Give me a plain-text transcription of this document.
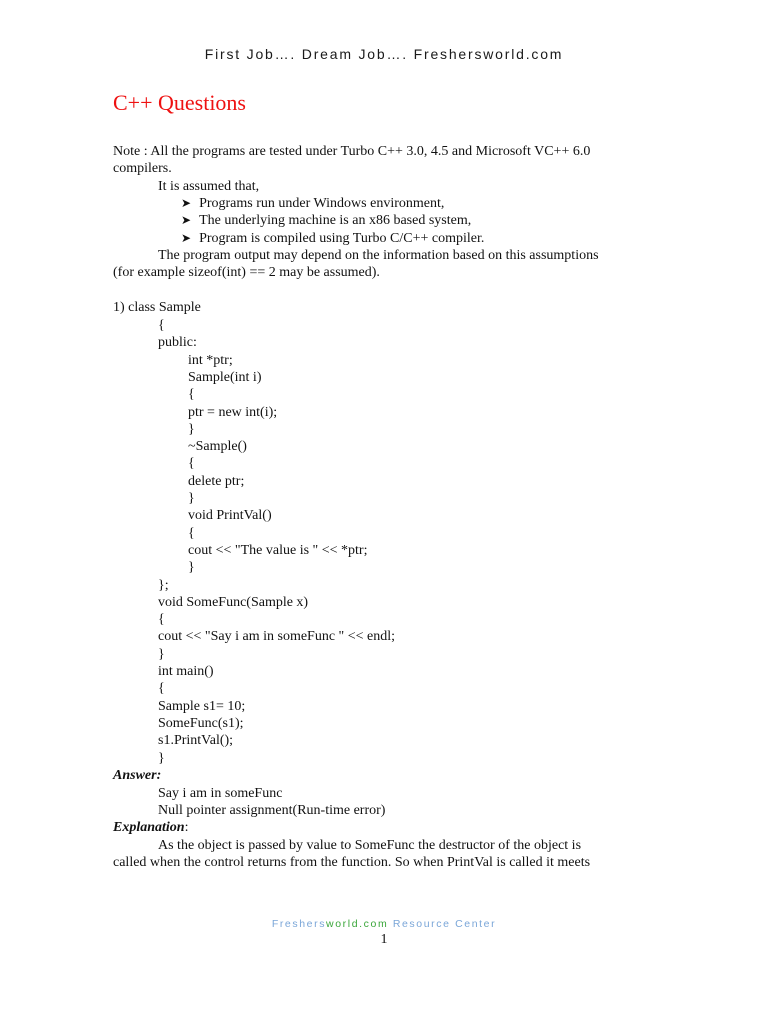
First Job…. Dream Job…. Freshersworld.com
C++ Questions
Note : All the programs are tested under Turbo C++ 3.0, 4.5 and Microsoft VC++ 6.0
compilers.
It is assumed that,
➤ Programs run under Windows environment,
➤ The underlying machine is an x86 based system,
➤ Program is compiled using Turbo C/C++ compiler.
The program output may depend on the information based on this assumptions
(for example sizeof(int) == 2 may be assumed).
1) class Sample
{
public:
int *ptr;
Sample(int i)
{
ptr = new int(i);
}
~Sample()
{
delete ptr;
}
void PrintVal()
{
cout << "The value is " << *ptr;
}
};
void SomeFunc(Sample x)
{
cout << "Say i am in someFunc " << endl;
}
int main()
{
Sample s1= 10;
SomeFunc(s1);
s1.PrintVal();
}
Answer:
Say i am in someFunc
Null pointer assignment(Run-time error)
Explanation:
As the object is passed by value to SomeFunc the destructor of the object is
called when the control returns from the function. So when PrintVal is called it meets
Freshersworld.com Resource Center
1
